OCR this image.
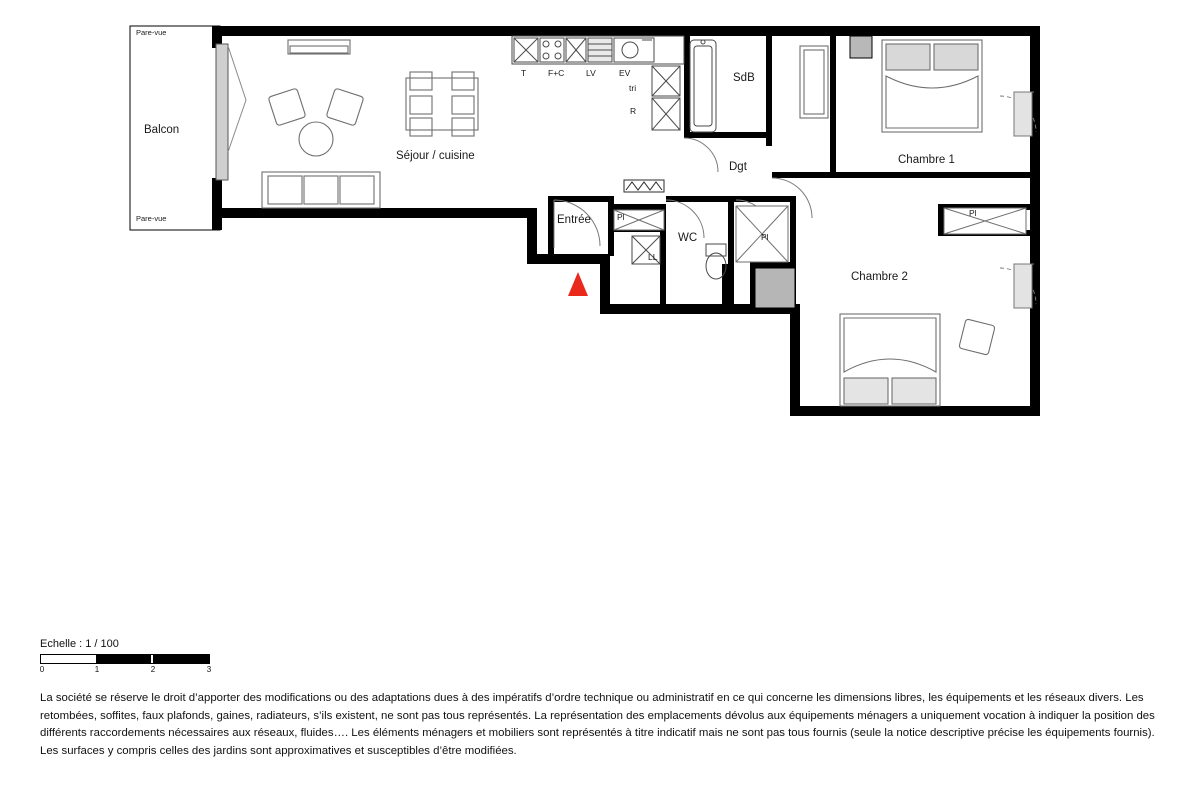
Pare-vue
Pare-vue
Balcon
Séjour / cuisine
SdB
Chambre 1
Dgt
Entrée
WC
Chambre 2
T	F+C	LV	EV
tri
R
LL
Pl
Pl
Pl
Echelle : 1 / 100
0	1	2	3

La société se réserve le droit d’apporter des modifications ou des adaptations dues à des impératifs d’ordre technique ou administratif en ce qui concerne les dimensions libres, les équipements et les réseaux divers. Les retombées, soffites, faux plafonds, gaines, radiateurs, s’ils existent, ne sont pas tous représentés. La représentation des emplacements dévolus aux équipements ménagers a uniquement vocation à indiquer la position des différents raccordements nécessaires aux réseaux, fluides…. Les éléments ménagers et mobiliers sont représentés à titre indicatif mais ne sont pas tous fournis (seule la notice descriptive précise les équipements fournis).

Les surfaces y compris celles des jardins sont approximatives et susceptibles d’être modifiées.
